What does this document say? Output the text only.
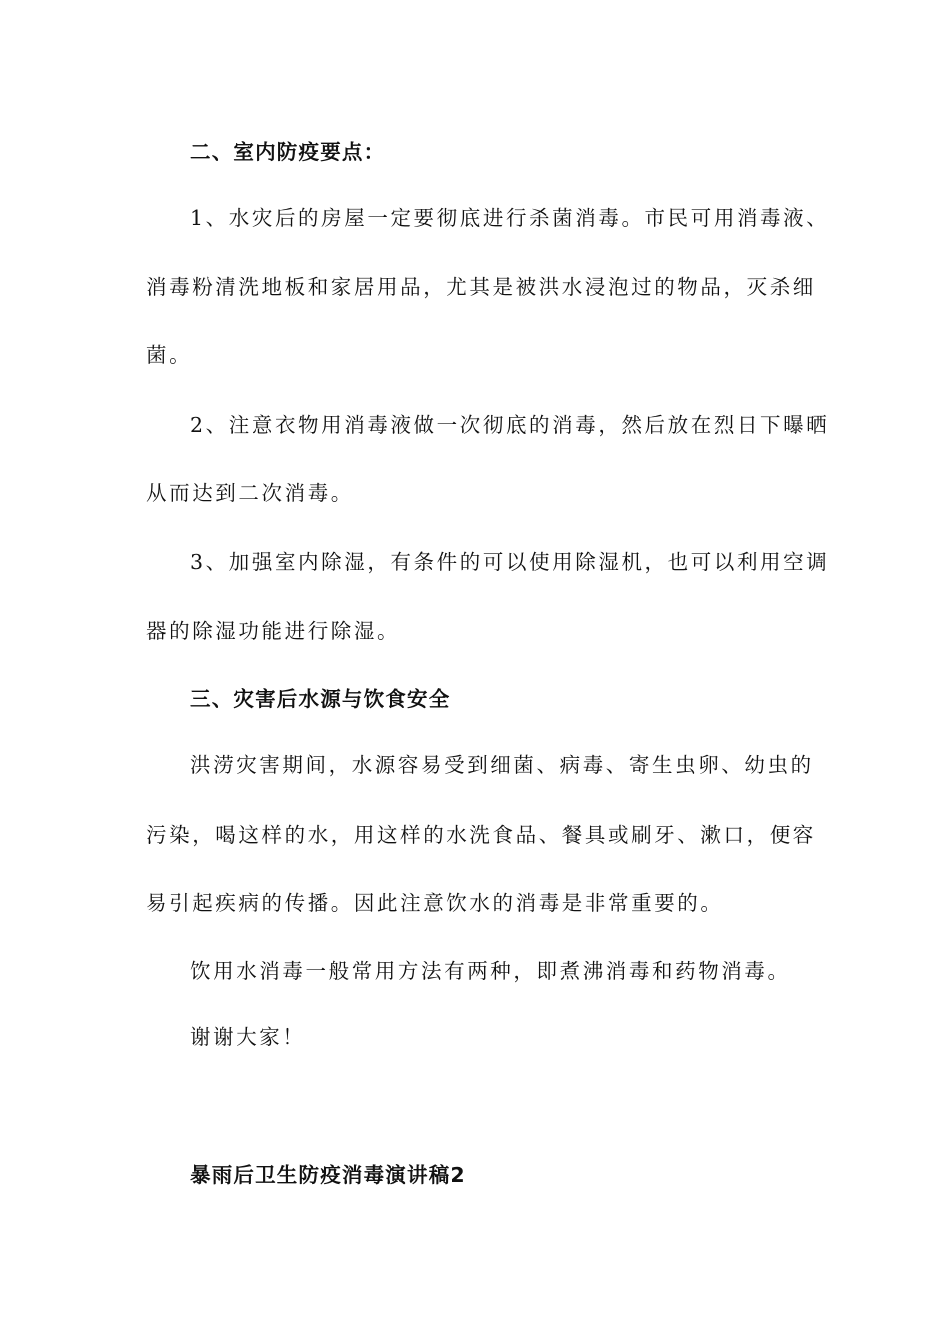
二、室内防疫要点：
1、水灾后的房屋一定要彻底进行杀菌消毒。市民可用消毒液、
消毒粉清洗地板和家居用品，尤其是被洪水浸泡过的物品，灭杀细
菌。
2、注意衣物用消毒液做一次彻底的消毒，然后放在烈日下曝晒
从而达到二次消毒。
3、加强室内除湿，有条件的可以使用除湿机，也可以利用空调
器的除湿功能进行除湿。
三、灾害后水源与饮食安全
洪涝灾害期间，水源容易受到细菌、病毒、寄生虫卵、幼虫的
污染，喝这样的水，用这样的水洗食品、餐具或刷牙、漱口，便容
易引起疾病的传播。因此注意饮水的消毒是非常重要的。
饮用水消毒一般常用方法有两种，即煮沸消毒和药物消毒。
谢谢大家！
暴雨后卫生防疫消毒演讲稿2
